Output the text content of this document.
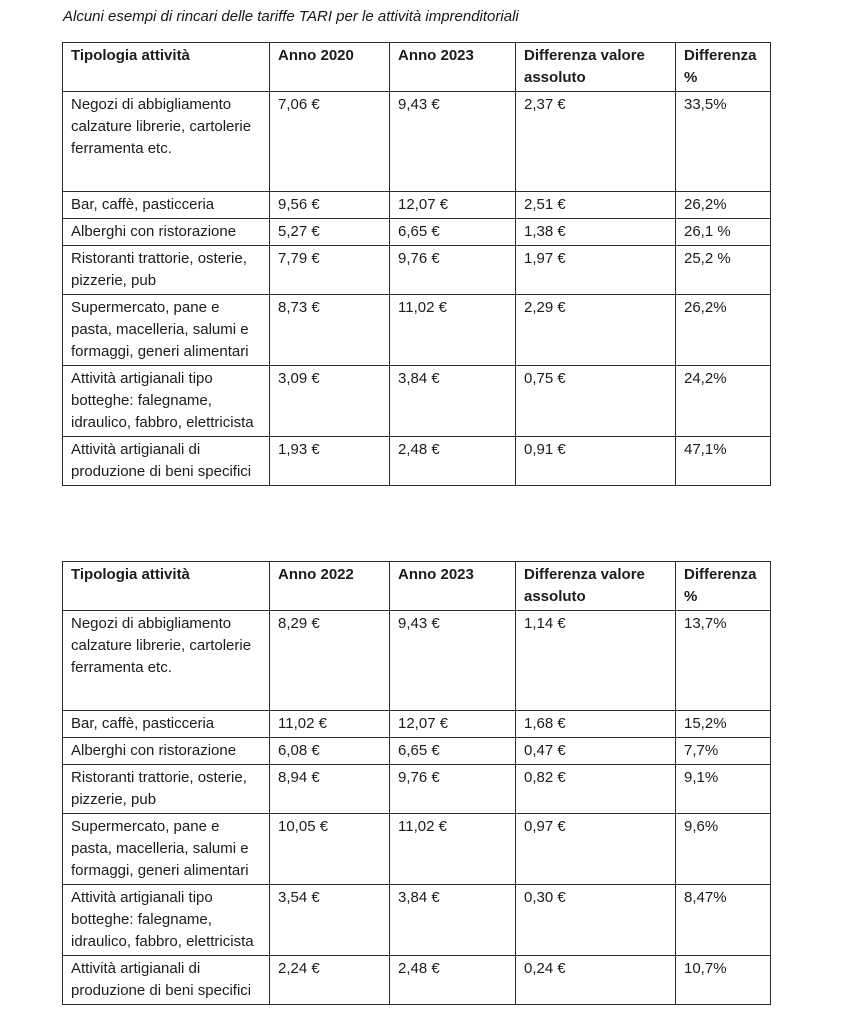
Alcuni esempi di rincari delle tariffe TARI per le attività imprenditoriali

Tipologia attività	Anno 2020	Anno 2023	Differenza valore assoluto	Differenza %
Negozi di abbigliamento calzature librerie, cartolerie ferramenta etc.	7,06 €	9,43 €	2,37 €	33,5%
Bar, caffè, pasticceria	9,56 €	12,07 €	2,51 €	26,2%
Alberghi con ristorazione	5,27 €	6,65 €	1,38 €	26,1 %
Ristoranti trattorie, osterie, pizzerie, pub	7,79 €	9,76 €	1,97 €	25,2 %
Supermercato, pane e pasta, macelleria, salumi e formaggi, generi alimentari	8,73 €	11,02 €	2,29 €	26,2%
Attività artigianali tipo botteghe: falegname, idraulico, fabbro, elettricista	3,09 €	3,84 €	0,75 €	24,2%
Attività artigianali di produzione di beni specifici	1,93 €	2,48 €	0,91 €	47,1%
Tipologia attività	Anno 2022	Anno 2023	Differenza valore assoluto	Differenza %
Negozi di abbigliamento calzature librerie, cartolerie ferramenta etc.	8,29 €	9,43 €	1,14 €	13,7%
Bar, caffè, pasticceria	11,02 €	12,07 €	1,68 €	15,2%
Alberghi con ristorazione	6,08 €	6,65 €	0,47 €	7,7%
Ristoranti trattorie, osterie, pizzerie, pub	8,94 €	9,76 €	0,82 €	9,1%
Supermercato, pane e pasta, macelleria, salumi e formaggi, generi alimentari	10,05 €	11,02 €	0,97 €	9,6%
Attività artigianali tipo botteghe: falegname, idraulico, fabbro, elettricista	3,54 €	3,84 €	0,30 €	8,47%
Attività artigianali di produzione di beni specifici	2,24 €	2,48 €	0,24 €	10,7%
